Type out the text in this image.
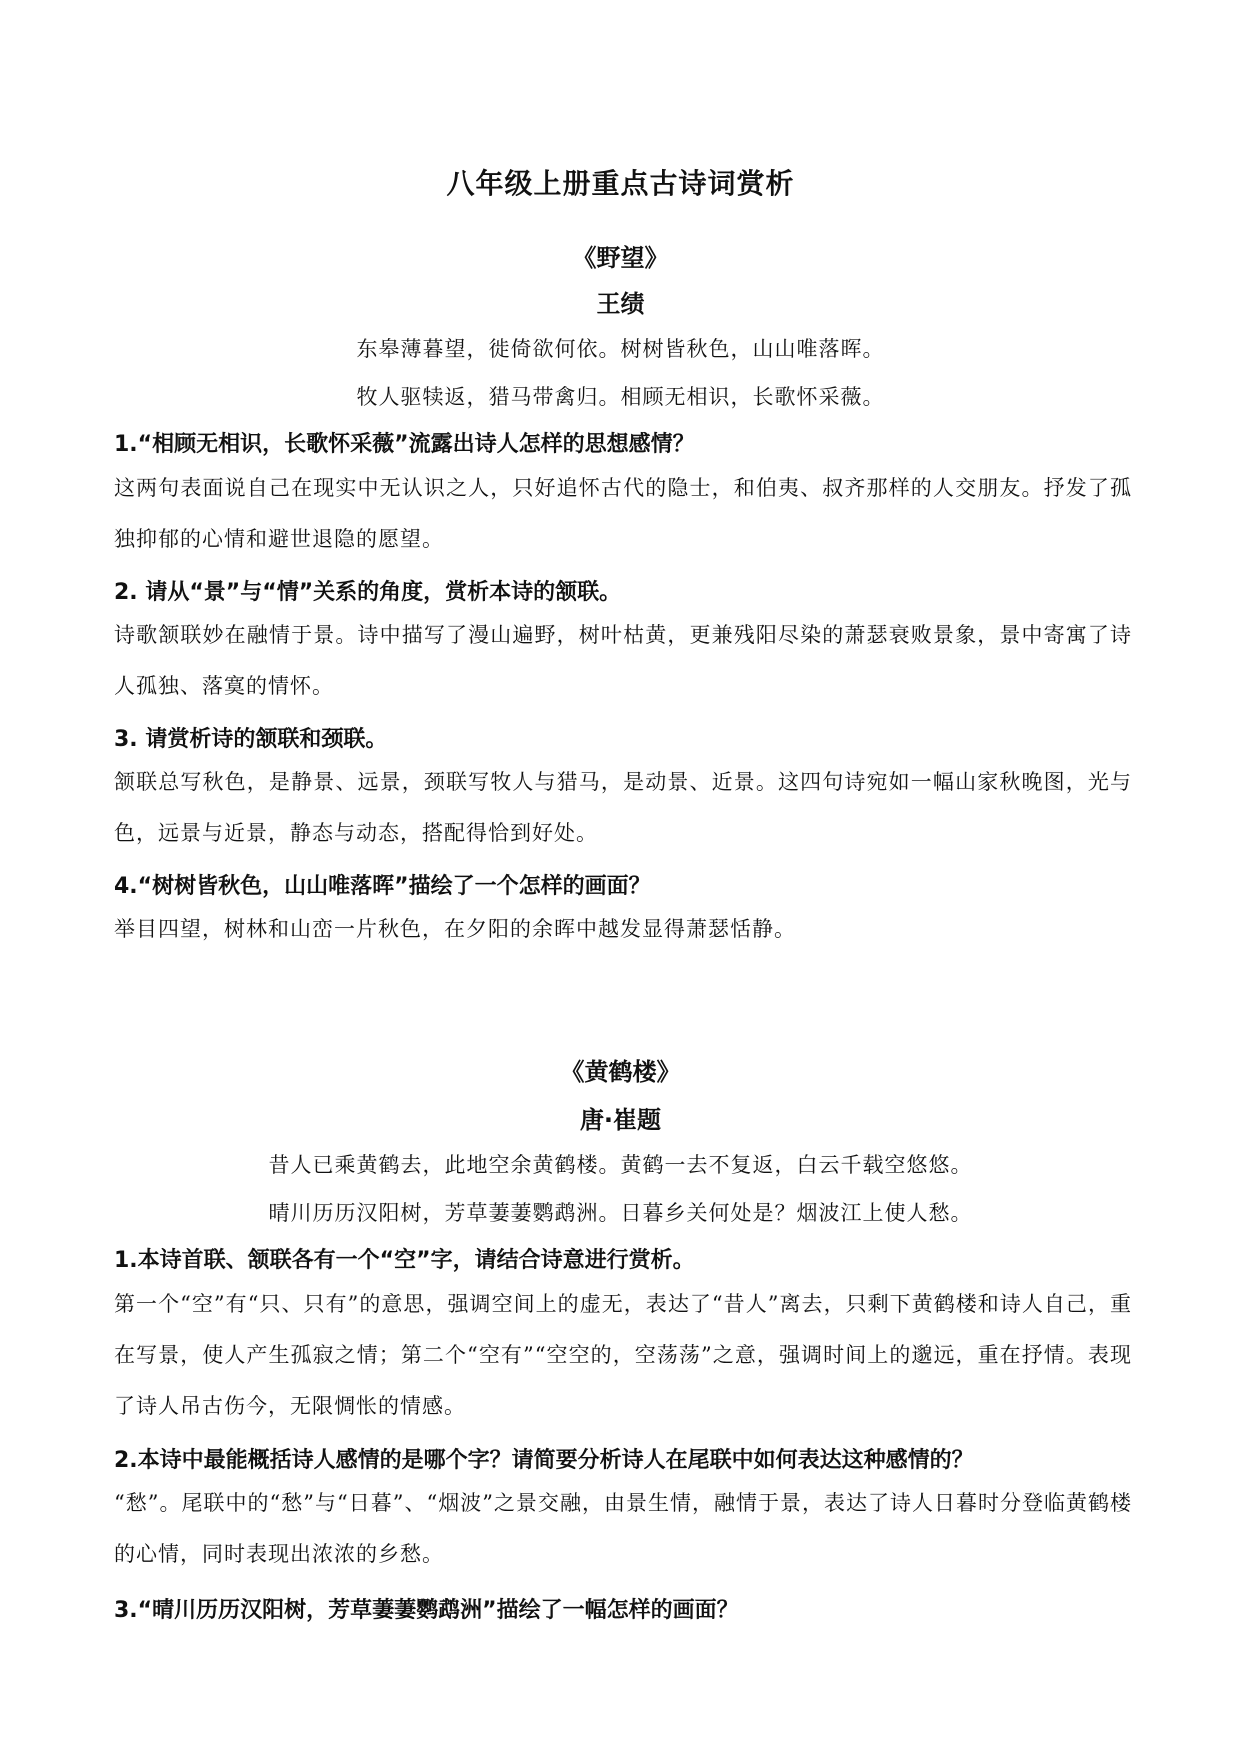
八年级上册重点古诗词赏析
《野望》
王绩
东皋薄暮望，徙倚欲何依。树树皆秋色，山山唯落晖。
牧人驱犊返，猎马带禽归。相顾无相识，长歌怀采薇。
1.“相顾无相识，长歌怀采薇”流露出诗人怎样的思想感情？
这两句表面说自己在现实中无认识之人，只好追怀古代的隐士，和伯夷、叔齐那样的人交朋友。抒发了孤独抑郁的心情和避世退隐的愿望。
2. 请从“景”与“情”关系的角度，赏析本诗的颔联。
诗歌颔联妙在融情于景。诗中描写了漫山遍野，树叶枯黄，更兼残阳尽染的萧瑟衰败景象，景中寄寓了诗人孤独、落寞的情怀。
3. 请赏析诗的颔联和颈联。
颔联总写秋色，是静景、远景，颈联写牧人与猎马，是动景、近景。这四句诗宛如一幅山家秋晚图，光与色，远景与近景，静态与动态，搭配得恰到好处。
4.“树树皆秋色，山山唯落晖”描绘了一个怎样的画面？
举目四望，树林和山峦一片秋色，在夕阳的余晖中越发显得萧瑟恬静。
《黄鹤楼》
唐·崔题
昔人已乘黄鹤去，此地空余黄鹤楼。黄鹤一去不复返，白云千载空悠悠。
晴川历历汉阳树，芳草萋萋鹦鹉洲。日暮乡关何处是？烟波江上使人愁。
1.本诗首联、颔联各有一个“空”字，请结合诗意进行赏析。
第一个“空”有“只、只有”的意思，强调空间上的虚无，表达了“昔人”离去，只剩下黄鹤楼和诗人自己，重在写景，使人产生孤寂之情；第二个“空有”“空空的，空荡荡”之意，强调时间上的邈远，重在抒情。表现了诗人吊古伤今，无限惆怅的情感。
2.本诗中最能概括诗人感情的是哪个字？请简要分析诗人在尾联中如何表达这种感情的？
“愁”。尾联中的“愁”与“日暮”、“烟波”之景交融，由景生情，融情于景，表达了诗人日暮时分登临黄鹤楼的心情，同时表现出浓浓的乡愁。
3.“晴川历历汉阳树，芳草萋萋鹦鹉洲”描绘了一幅怎样的画面？
